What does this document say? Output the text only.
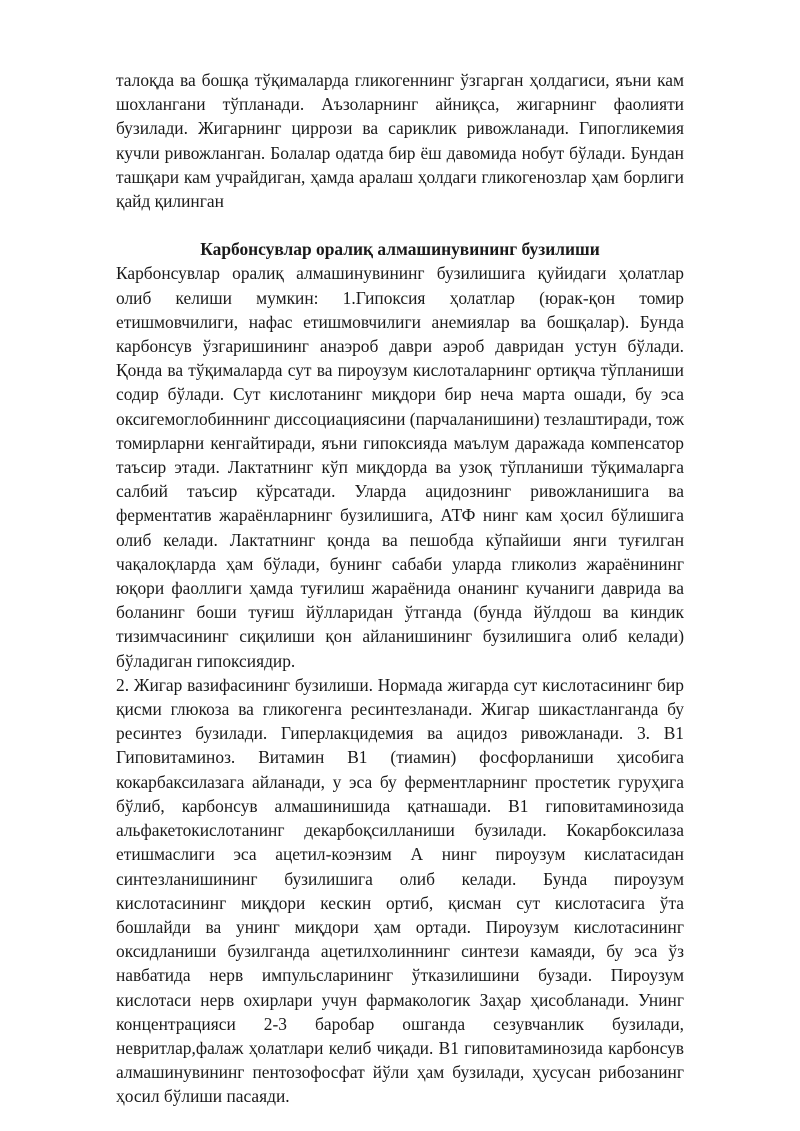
талоқда ва бошқа тўқималарда гликогеннинг ўзгарган ҳолдагиси, яъни кам шохлангани тўпланади. Аъзоларнинг айниқса, жигарнинг фаолияти бузилади. Жигарнинг циррози ва сариклик ривожланади. Гипогликемия кучли ривожланган. Болалар одатда бир ёш давомида нобут бўлади. Бундан ташқари кам учрайдиган, ҳамда аралаш ҳолдаги гликогенозлар ҳам борлиги қайд қилинган

Карбонсувлар оралиқ алмашинувининг бузилиши

Карбонсувлар оралиқ алмашинувининг бузилишига қуйидаги ҳолатлар олиб келиши мумкин: 1.Гипоксия ҳолатлар (юрак-қон томир етишмовчилиги, нафас етишмовчилиги анемиялар ва бошқалар). Бунда карбонсув ўзгаришининг анаэроб даври аэроб давридан устун бўлади. Қонда ва тўқималарда сут ва пироузум кислоталарнинг ортиқча тўпланиши содир бўлади. Сут кислотанинг миқдори бир неча марта ошади, бу эса оксигемоглобиннинг диссоциациясини (парчаланишини) тезлаштиради, тож томирларни кенгайтиради, яъни гипоксияда маълум даражада компенсатор таъсир этади. Лактатнинг кўп миқдорда ва узоқ тўпланиши тўқималарга салбий таъсир кўрсатади. Уларда ацидознинг ривожланишига ва ферментатив жараёнларнинг бузилишига, АТФ нинг кам ҳосил бўлишига олиб келади. Лактатнинг қонда ва пешобда кўпайиши янги туғилган чақалоқларда ҳам бўлади, бунинг сабаби уларда гликолиз жараёнининг юқори фаоллиги ҳамда туғилиш жараёнида онанинг кучаниги даврида ва боланинг боши туғиш йўлларидан ўтганда (бунда йўлдош ва киндик тизимчасининг сиқилиши қон айланишининг бузилишига олиб келади) бўладиган гипоксиядир.

2. Жигар вазифасининг бузилиши. Нормада жигарда сут кислотасининг бир қисми глюкоза ва гликогенга ресинтезланади. Жигар шикастланганда бу ресинтез бузилади. Гиперлакцидемия ва ацидоз ривожланади. 3. В1 Гиповитаминоз. Витамин В1 (тиамин) фосфорланиши ҳисобига кокарбаксилазага айланади, у эса бу ферментларнинг простетик гуруҳига бўлиб, карбонсув алмашинишида қатнашади. В1 гиповитаминозида альфакетокислотанинг декарбоқсилланиши бузилади. Кокарбоксилаза етишмаслиги эса ацетил-коэнзим А нинг пироузум кислатасидан синтезланишининг бузилишига олиб келади. Бунда пироузум кислотасининг миқдори кескин ортиб, қисман сут кислотасига ўта бошлайди ва унинг миқдори ҳам ортади. Пироузум кислотасининг оксидланиши бузилганда ацетилхолиннинг синтези камаяди, бу эса ўз навбатида нерв импульсларининг ўтказилишини бузади. Пироузум кислотаси нерв охирлари учун фармакологик Заҳар ҳисобланади. Унинг концентрацияси 2-3 баробар ошганда сезувчанлик бузилади, невритлар,фалаж ҳолатлари келиб чиқади. В1 гиповитаминозида карбонсув алмашинувининг пентозофосфат йўли ҳам бузилади, ҳусусан рибозанинг ҳосил бўлиши пасаяди.
